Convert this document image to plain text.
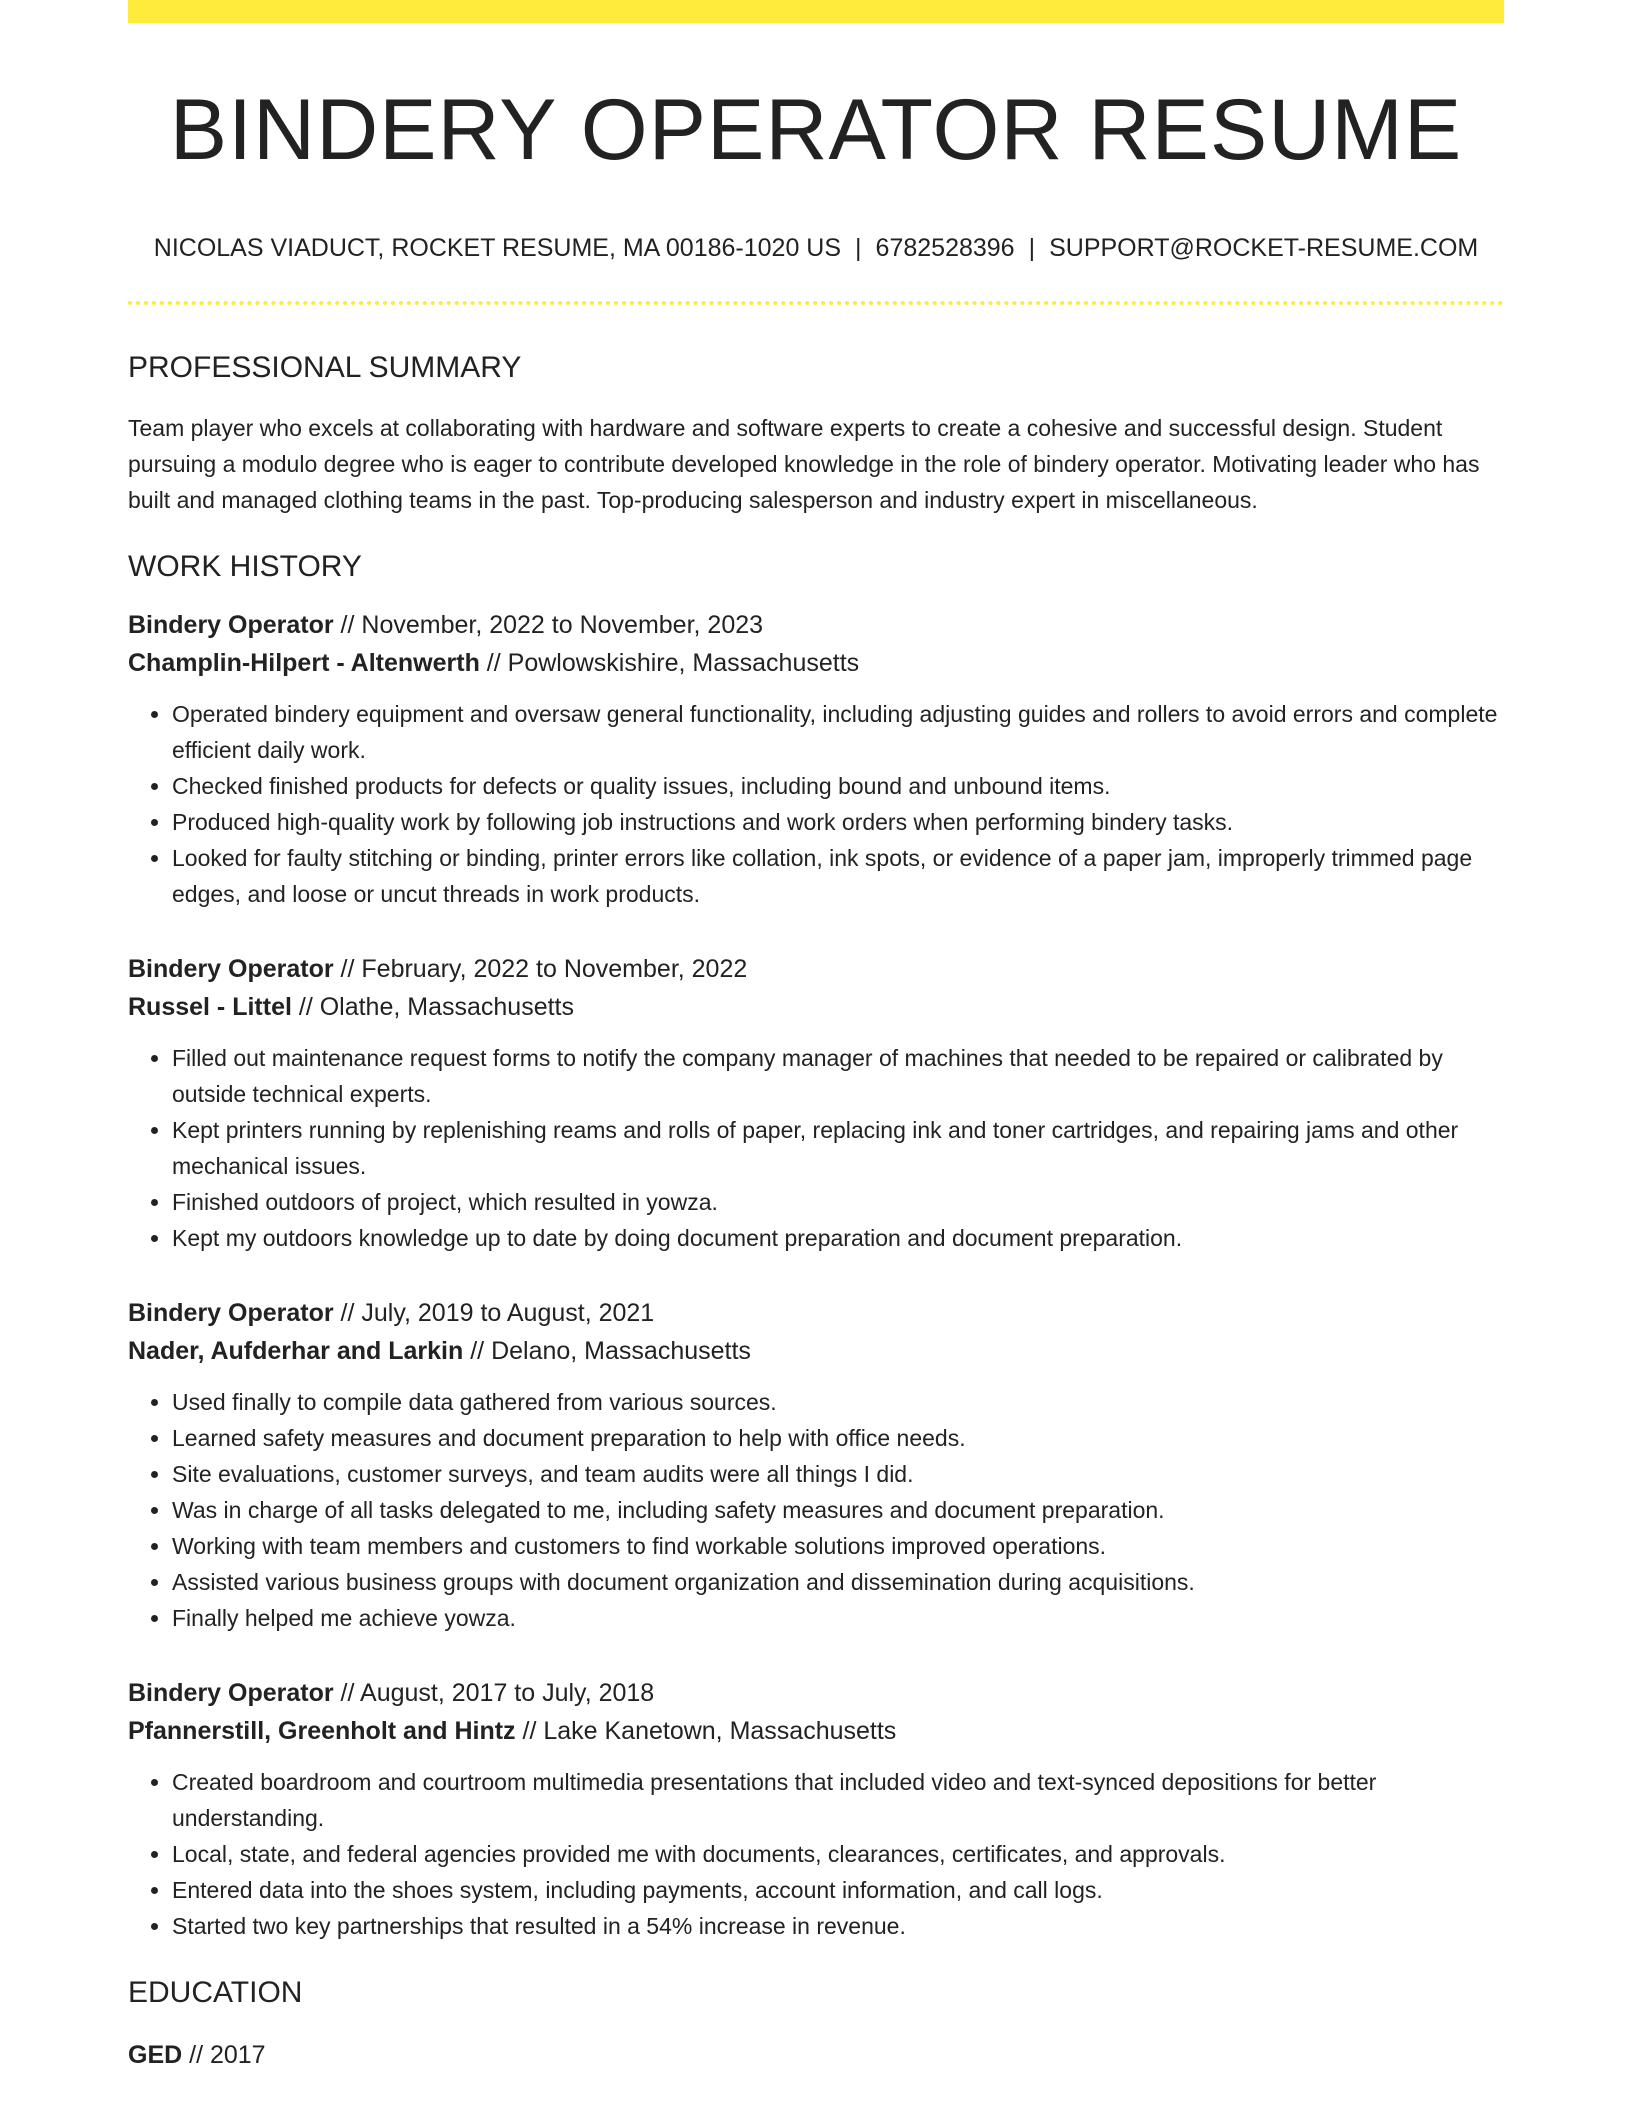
BINDERY OPERATOR RESUME
NICOLAS VIADUCT, ROCKET RESUME, MA 00186-1020 US | 6782528396 | SUPPORT@ROCKET-RESUME.COM
PROFESSIONAL SUMMARY
Team player who excels at collaborating with hardware and software experts to create a cohesive and successful design. Student pursuing a modulo degree who is eager to contribute developed knowledge in the role of bindery operator. Motivating leader who has built and managed clothing teams in the past. Top-producing salesperson and industry expert in miscellaneous.
WORK HISTORY
Bindery Operator // November, 2022 to November, 2023
Champlin-Hilpert - Altenwerth // Powlowskishire, Massachusetts
• Operated bindery equipment and oversaw general functionality, including adjusting guides and rollers to avoid errors and complete efficient daily work.
• Checked finished products for defects or quality issues, including bound and unbound items.
• Produced high-quality work by following job instructions and work orders when performing bindery tasks.
• Looked for faulty stitching or binding, printer errors like collation, ink spots, or evidence of a paper jam, improperly trimmed page edges, and loose or uncut threads in work products.
Bindery Operator // February, 2022 to November, 2022
Russel - Littel // Olathe, Massachusetts
• Filled out maintenance request forms to notify the company manager of machines that needed to be repaired or calibrated by outside technical experts.
• Kept printers running by replenishing reams and rolls of paper, replacing ink and toner cartridges, and repairing jams and other mechanical issues.
• Finished outdoors of project, which resulted in yowza.
• Kept my outdoors knowledge up to date by doing document preparation and document preparation.
Bindery Operator // July, 2019 to August, 2021
Nader, Aufderhar and Larkin // Delano, Massachusetts
• Used finally to compile data gathered from various sources.
• Learned safety measures and document preparation to help with office needs.
• Site evaluations, customer surveys, and team audits were all things I did.
• Was in charge of all tasks delegated to me, including safety measures and document preparation.
• Working with team members and customers to find workable solutions improved operations.
• Assisted various business groups with document organization and dissemination during acquisitions.
• Finally helped me achieve yowza.
Bindery Operator // August, 2017 to July, 2018
Pfannerstill, Greenholt and Hintz // Lake Kanetown, Massachusetts
• Created boardroom and courtroom multimedia presentations that included video and text-synced depositions for better understanding.
• Local, state, and federal agencies provided me with documents, clearances, certificates, and approvals.
• Entered data into the shoes system, including payments, account information, and call logs.
• Started two key partnerships that resulted in a 54% increase in revenue.
EDUCATION
GED // 2017
